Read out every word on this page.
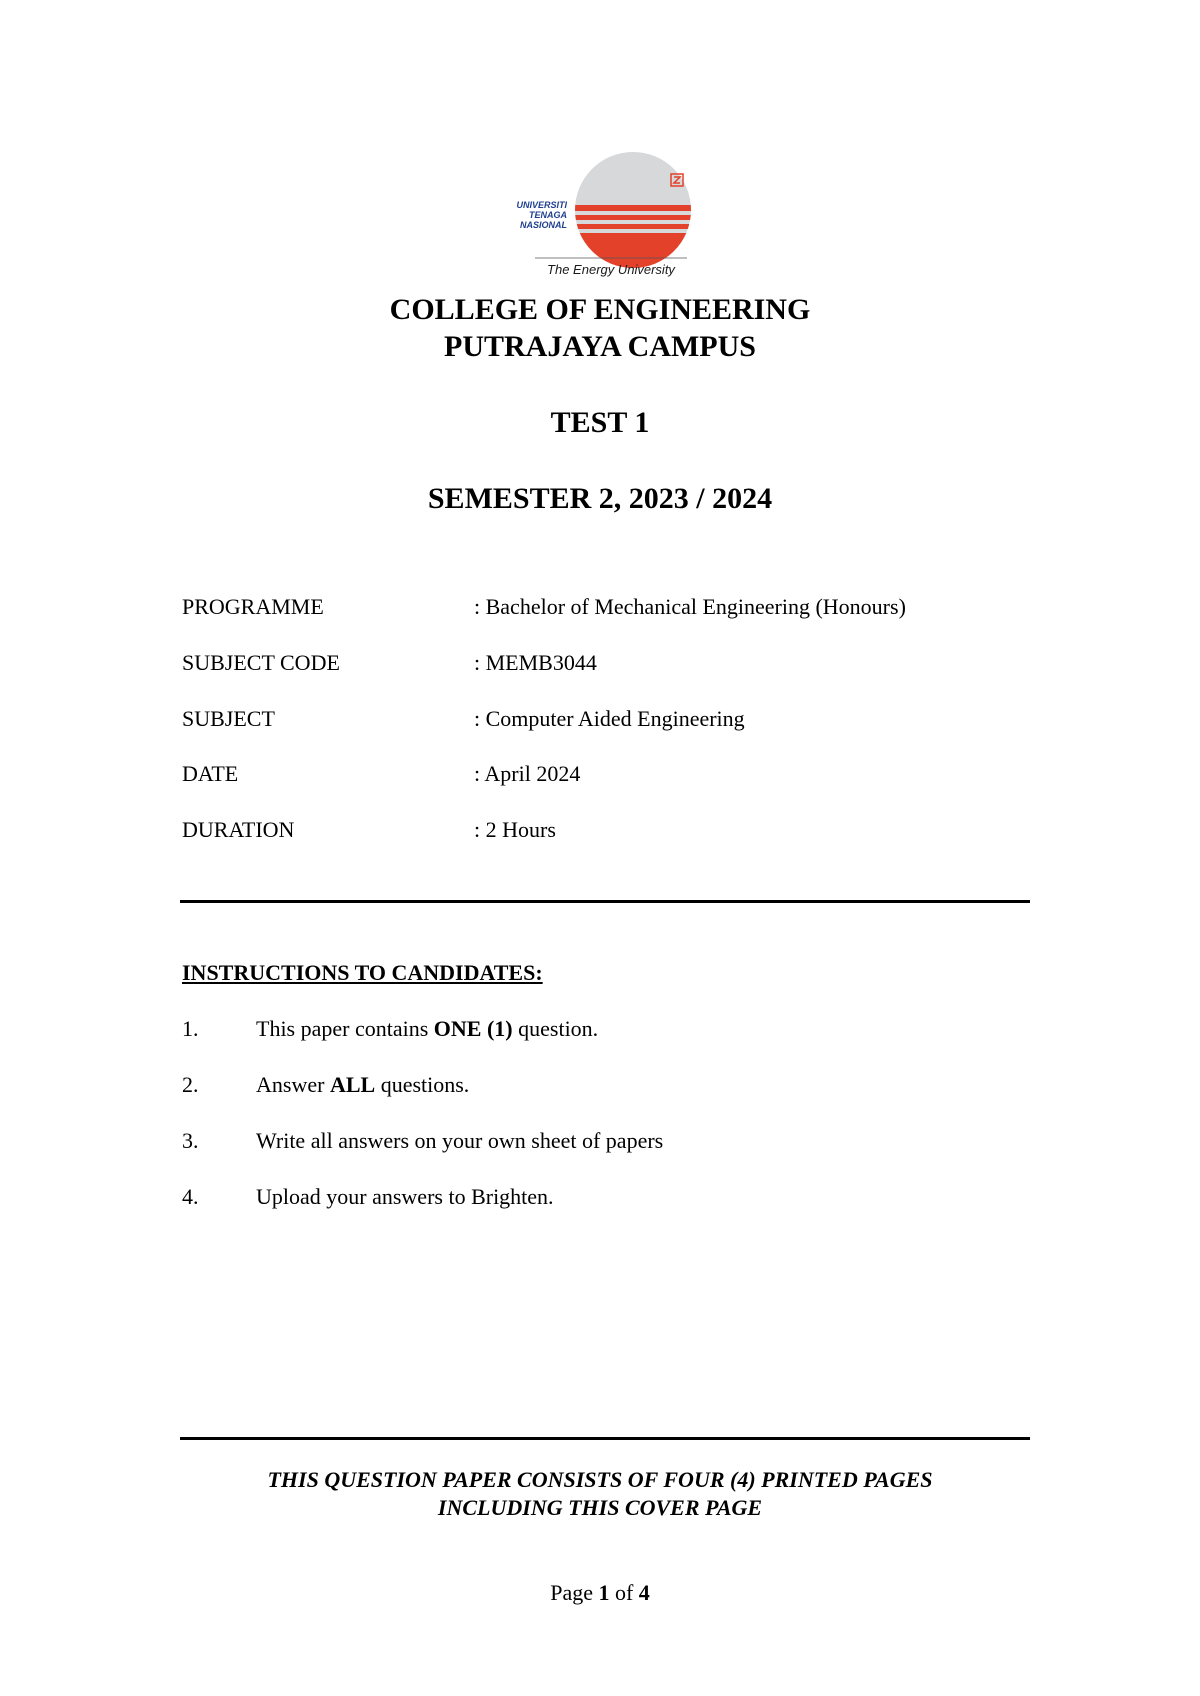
UNIVERSITI
TENAGA
NASIONAL
The Energy University
COLLEGE OF ENGINEERING
PUTRAJAYA CAMPUS
TEST 1
SEMESTER 2, 2023 / 2024
PROGRAMME	: Bachelor of Mechanical Engineering (Honours)
SUBJECT CODE	: MEMB3044
SUBJECT	: Computer Aided Engineering
DATE	: April 2024
DURATION	: 2 Hours
INSTRUCTIONS TO CANDIDATES:
1.	This paper contains ONE (1) question.
2.	Answer ALL questions.
3.	Write all answers on your own sheet of papers
4.	Upload your answers to Brighten.
THIS QUESTION PAPER CONSISTS OF FOUR (4) PRINTED PAGES
INCLUDING THIS COVER PAGE
Page 1 of 4
